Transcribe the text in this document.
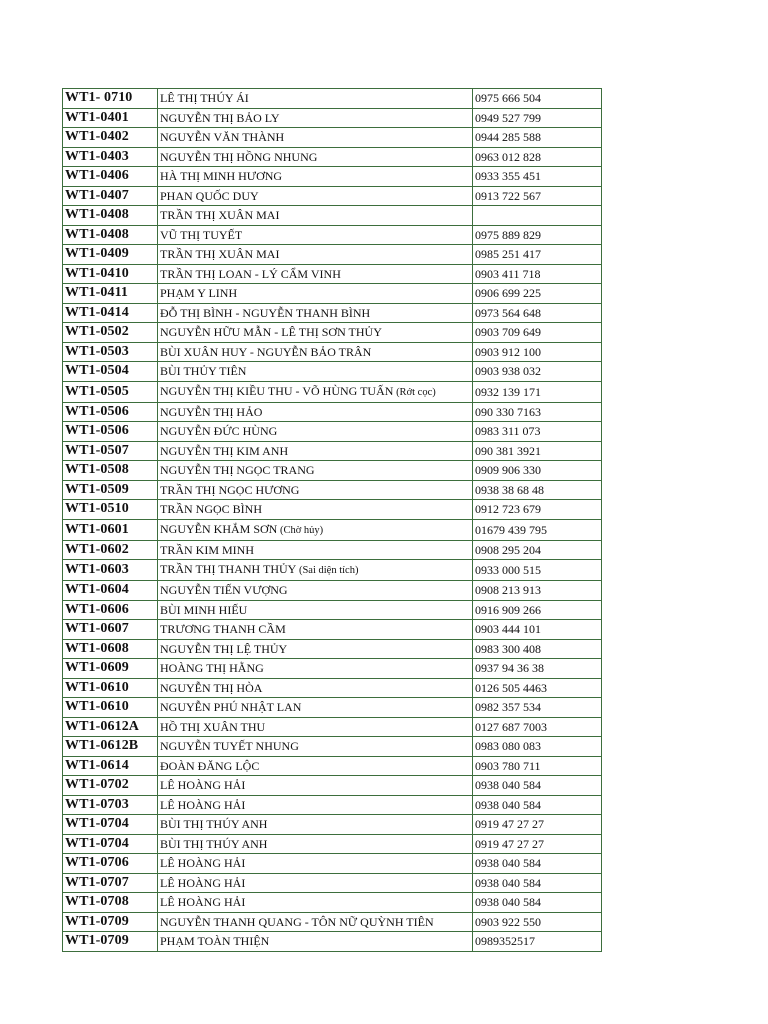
WT1- 0710	LÊ THỊ THÚY ÁI	0975 666 504
WT1-0401	NGUYỄN THỊ BẢO LY	0949 527 799
WT1-0402	NGUYỄN VĂN THÀNH	0944 285 588
WT1-0403	NGUYỄN THỊ HỒNG NHUNG	0963 012 828
WT1-0406	HÀ THỊ MINH HƯƠNG	0933 355 451
WT1-0407	PHAN QUỐC DUY	0913 722 567
WT1-0408	TRẦN THỊ XUÂN MAI	
WT1-0408	VŨ THỊ TUYẾT	0975 889 829
WT1-0409	TRẦN THỊ XUÂN MAI	0985 251 417
WT1-0410	TRẦN THỊ LOAN - LÝ CẨM VINH	0903 411 718
WT1-0411	PHẠM Y LINH	0906 699 225
WT1-0414	ĐỖ THỊ BÌNH - NGUYỄN THANH BÌNH	0973 564 648
WT1-0502	NGUYỄN HỮU MẪN - LÊ THỊ SƠN THỦY	0903 709 649
WT1-0503	BÙI XUÂN HUY - NGUYỄN BẢO TRÂN	0903 912 100
WT1-0504	BÙI THỦY TIÊN	0903 938 032
WT1-0505	NGUYỄN THỊ KIỀU THU - VÕ HÙNG TUẤN (Rớt cọc)	0932 139 171
WT1-0506	NGUYỄN THỊ HẢO	090 330 7163
WT1-0506	NGUYỄN ĐỨC HÙNG	0983 311 073
WT1-0507	NGUYỄN THỊ KIM ANH	090 381 3921
WT1-0508	NGUYỄN THỊ NGỌC TRANG	0909 906 330
WT1-0509	TRẦN THỊ NGỌC HƯƠNG	0938 38 68 48
WT1-0510	TRẦN NGỌC BÌNH	0912 723 679
WT1-0601	NGUYỄN KHẮM SƠN (Chờ hủy)	01679 439 795
WT1-0602	TRẦN KIM MINH	0908 295 204
WT1-0603	TRẦN THỊ THANH THỦY (Sai diện tích)	0933 000 515
WT1-0604	NGUYỄN TIẾN VƯỢNG	0908 213 913
WT1-0606	BÙI MINH HIẾU	0916 909 266
WT1-0607	TRƯƠNG THANH CẦM	0903 444 101
WT1-0608	NGUYỄN THỊ LỆ THỦY	0983 300 408
WT1-0609	HOÀNG THỊ HẰNG	0937 94 36 38
WT1-0610	NGUYỄN THỊ HÒA	0126 505 4463
WT1-0610	NGUYỄN PHÚ NHẬT LAN	0982 357 534
WT1-0612A	HỒ THỊ XUÂN THU	0127 687 7003
WT1-0612B	NGUYỄN TUYẾT NHUNG	0983 080 083
WT1-0614	ĐOÀN ĐĂNG LỘC	0903 780 711
WT1-0702	LÊ HOÀNG HẢI	0938 040 584
WT1-0703	LÊ HOÀNG HẢI	0938 040 584
WT1-0704	BÙI THỊ THÚY ANH	0919 47 27 27
WT1-0704	BÙI THỊ THÚY ANH	0919 47 27 27
WT1-0706	LÊ HOÀNG HẢI	0938 040 584
WT1-0707	LÊ HOÀNG HẢI	0938 040 584
WT1-0708	LÊ HOÀNG HẢI	0938 040 584
WT1-0709	NGUYỄN THANH QUANG - TÔN NỮ QUỲNH TIÊN	0903 922 550
WT1-0709	PHẠM TOÀN THIỆN	0989352517
